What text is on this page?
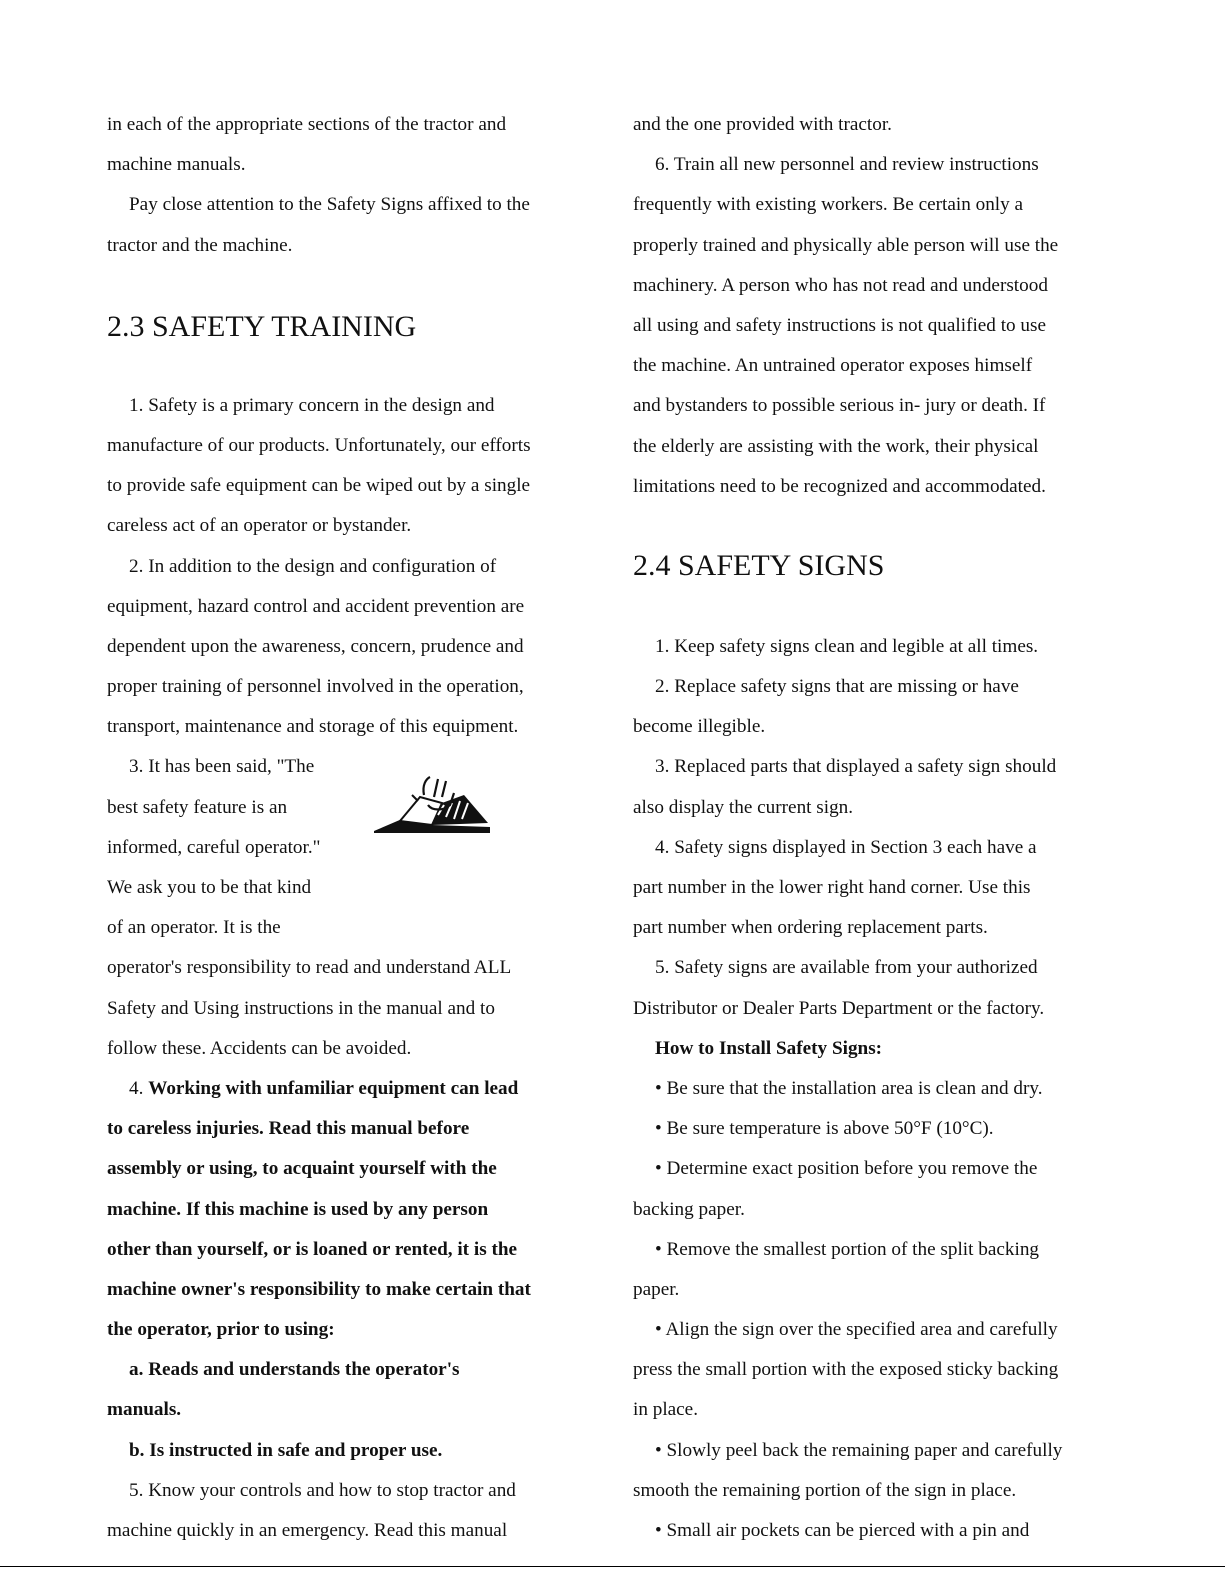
in each of the appropriate sections of the tractor and
machine manuals.
Pay close attention to the Safety Signs affixed to the
tractor and the machine.
2.3 SAFETY TRAINING
1. Safety is a primary concern in the design and
manufacture of our products. Unfortunately, our efforts
to provide safe equipment can be wiped out by a single
careless act of an operator or bystander.
2. In addition to the design and configuration of
equipment, hazard control and accident prevention are
dependent upon the awareness, concern, prudence and
proper training of personnel involved in the operation,
transport, maintenance and storage of this equipment.
3. It has been said, "The
best safety feature is an
informed, careful operator."
We ask you to be that kind
of an operator. It is the
operator's responsibility to read and understand ALL
Safety and Using instructions in the manual and to
follow these. Accidents can be avoided.
4. Working with unfamiliar equipment can lead
to careless injuries. Read this manual before
assembly or using, to acquaint yourself with the
machine. If this machine is used by any person
other than yourself, or is loaned or rented, it is the
machine owner's responsibility to make certain that
the operator, prior to using:
a. Reads and understands the operator's
manuals.
b. Is instructed in safe and proper use.
5. Know your controls and how to stop tractor and
machine quickly in an emergency. Read this manual
and the one provided with tractor.
6. Train all new personnel and review instructions
frequently with existing workers. Be certain only a
properly trained and physically able person will use the
machinery. A person who has not read and understood
all using and safety instructions is not qualified to use
the machine. An untrained operator exposes himself
and bystanders to possible serious in- jury or death. If
the elderly are assisting with the work, their physical
limitations need to be recognized and accommodated.
2.4 SAFETY SIGNS
1. Keep safety signs clean and legible at all times.
2. Replace safety signs that are missing or have
become illegible.
3. Replaced parts that displayed a safety sign should
also display the current sign.
4. Safety signs displayed in Section 3 each have a
part number in the lower right hand corner. Use this
part number when ordering replacement parts.
5. Safety signs are available from your authorized
Distributor or Dealer Parts Department or the factory.
How to Install Safety Signs:
• Be sure that the installation area is clean and dry.
• Be sure temperature is above 50°F (10°C).
• Determine exact position before you remove the
backing paper.
• Remove the smallest portion of the split backing
paper.
• Align the sign over the specified area and carefully
press the small portion with the exposed sticky backing
in place.
• Slowly peel back the remaining paper and carefully
smooth the remaining portion of the sign in place.
• Small air pockets can be pierced with a pin and
